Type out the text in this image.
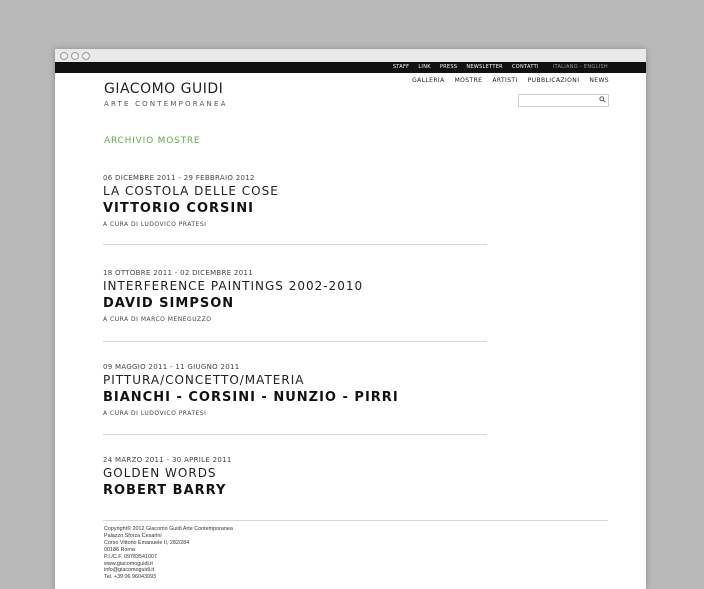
STAFF LINK PRESS NEWSLETTER CONTATTI	ITALIANO - ENGLISH
GIACOMO GUIDI
ARTE CONTEMPORANEA
GALLERIA MOSTRE ARTISTI PUBBLICAZIONI NEWS
ARCHIVIO MOSTRE
06 DICEMBRE 2011 - 29 FEBBRAIO 2012
LA COSTOLA DELLE COSE
VITTORIO CORSINI
A CURA DI LUDOVICO PRATESI
18 OTTOBRE 2011 - 02 DICEMBRE 2011
INTERFERENCE PAINTINGS 2002-2010
DAVID SIMPSON
A CURA DI MARCO MENEGUZZO
09 MAGGIO 2011 - 11 GIUGNO 2011
PITTURA/CONCETTO/MATERIA
BIANCHI - CORSINI - NUNZIO - PIRRI
A CURA DI LUDOVICO PRATESI
24 MARZO 2011 - 30 APRILE 2011
GOLDEN WORDS
ROBERT BARRY
Copyright© 2012 Giacomo Guidi Arte Contemporanea
Palazzo Sforza Cesarini
Corso Vittorio Emanuele II, 282/284
00186 Roma
P.I./C.F. 09783541007
www.giacomoguidi.it
info@giacomoguidi.it
Tel. +39 06 96043093
